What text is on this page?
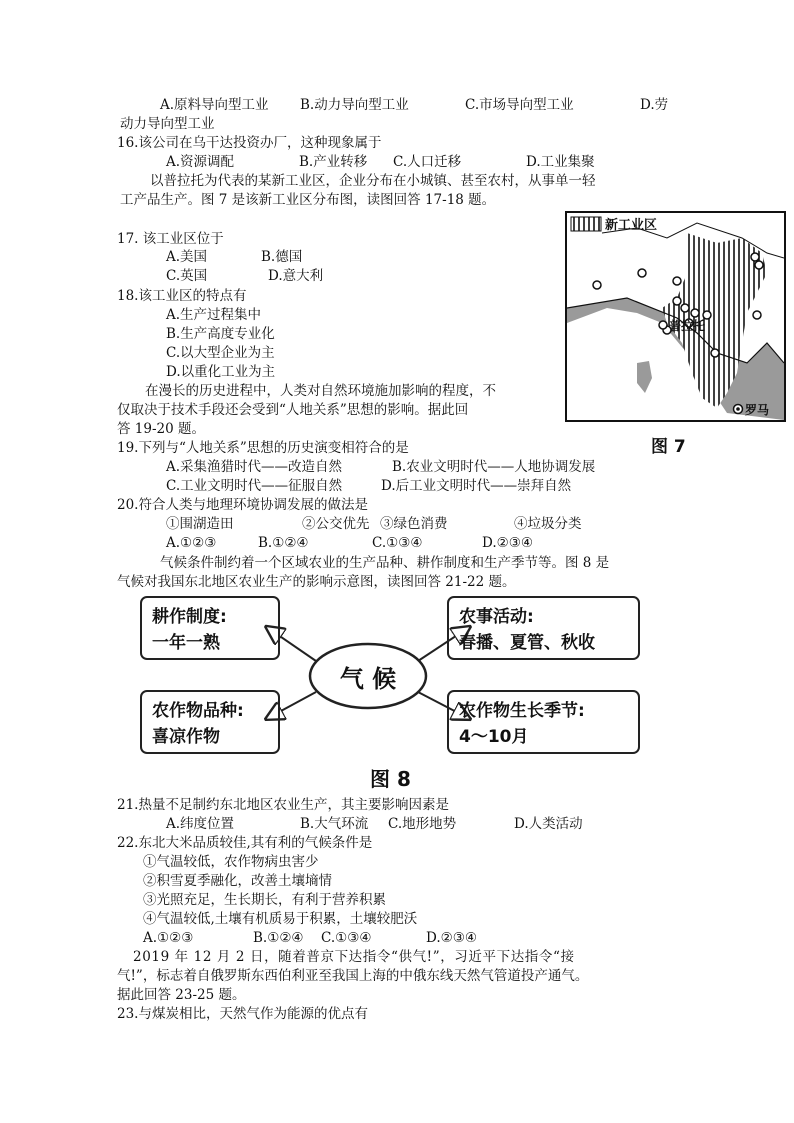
A.原料导向型工业 B.动力导向型工业	C.市场导向型工业	D.劳
动力导向型工业
16.该公司在乌干达投资办厂，这种现象属于
A.资源调配	B.产业转移 C.人口迁移	D.工业集聚
以普拉托为代表的某新工业区，企业分布在小城镇、甚至农村，从事单一轻
工产品生产。图 7 是该新工业区分布图，读图回答 17-18 题。
17. 该工业区位于
A.美国	B.德国
C.英国	D.意大利
18.该工业区的特点有
A.生产过程集中
B.生产高度专业化
C.以大型企业为主
D.以重化工业为主
在漫长的历史进程中，人类对自然环境施加影响的程度，不
仅取决于技术手段还会受到“人地关系”思想的影响。据此回
答 19-20 题。
新工业区
普拉托
罗马
图 7
19.下列与“人地关系”思想的历史演变相符合的是
A.采集渔猎时代——改造自然	B.农业文明时代——人地协调发展
C.工业文明时代——征服自然	D.后工业文明时代——崇拜自然
20.符合人类与地理环境协调发展的做法是
①围湖造田	②公交优先 ③绿色消费	④垃圾分类
A.①②③	B.①②④	C.①③④	D.②③④
气候条件制约着一个区域农业的生产品种、耕作制度和生产季节等。图 8 是
气候对我国东北地区农业生产的影响示意图，读图回答 21-22 题。
气 候
耕作制度:
一年一熟
农事活动:
春播、夏管、秋收
农作物品种:
喜凉作物
农作物生长季节:
4～10月
图 8
21.热量不足制约东北地区农业生产，其主要影响因素是
A.纬度位置	B.大气环流 C.地形地势	D.人类活动
22.东北大米品质较佳,其有利的气候条件是
①气温较低，农作物病虫害少
②积雪夏季融化，改善土壤墒情
③光照充足，生长期长，有利于营养积累
④气温较低,土壤有机质易于积累，土壤较肥沃
A.①②③	B.①②④ C.①③④	D.②③④
2019 年 12 月 2 日，随着普京下达指令“供气!”，习近平下达指令“接
气!”，标志着自俄罗斯东西伯利亚至我国上海的中俄东线天然气管道投产通气。
据此回答 23-25 题。
23.与煤炭相比，天然气作为能源的优点有
